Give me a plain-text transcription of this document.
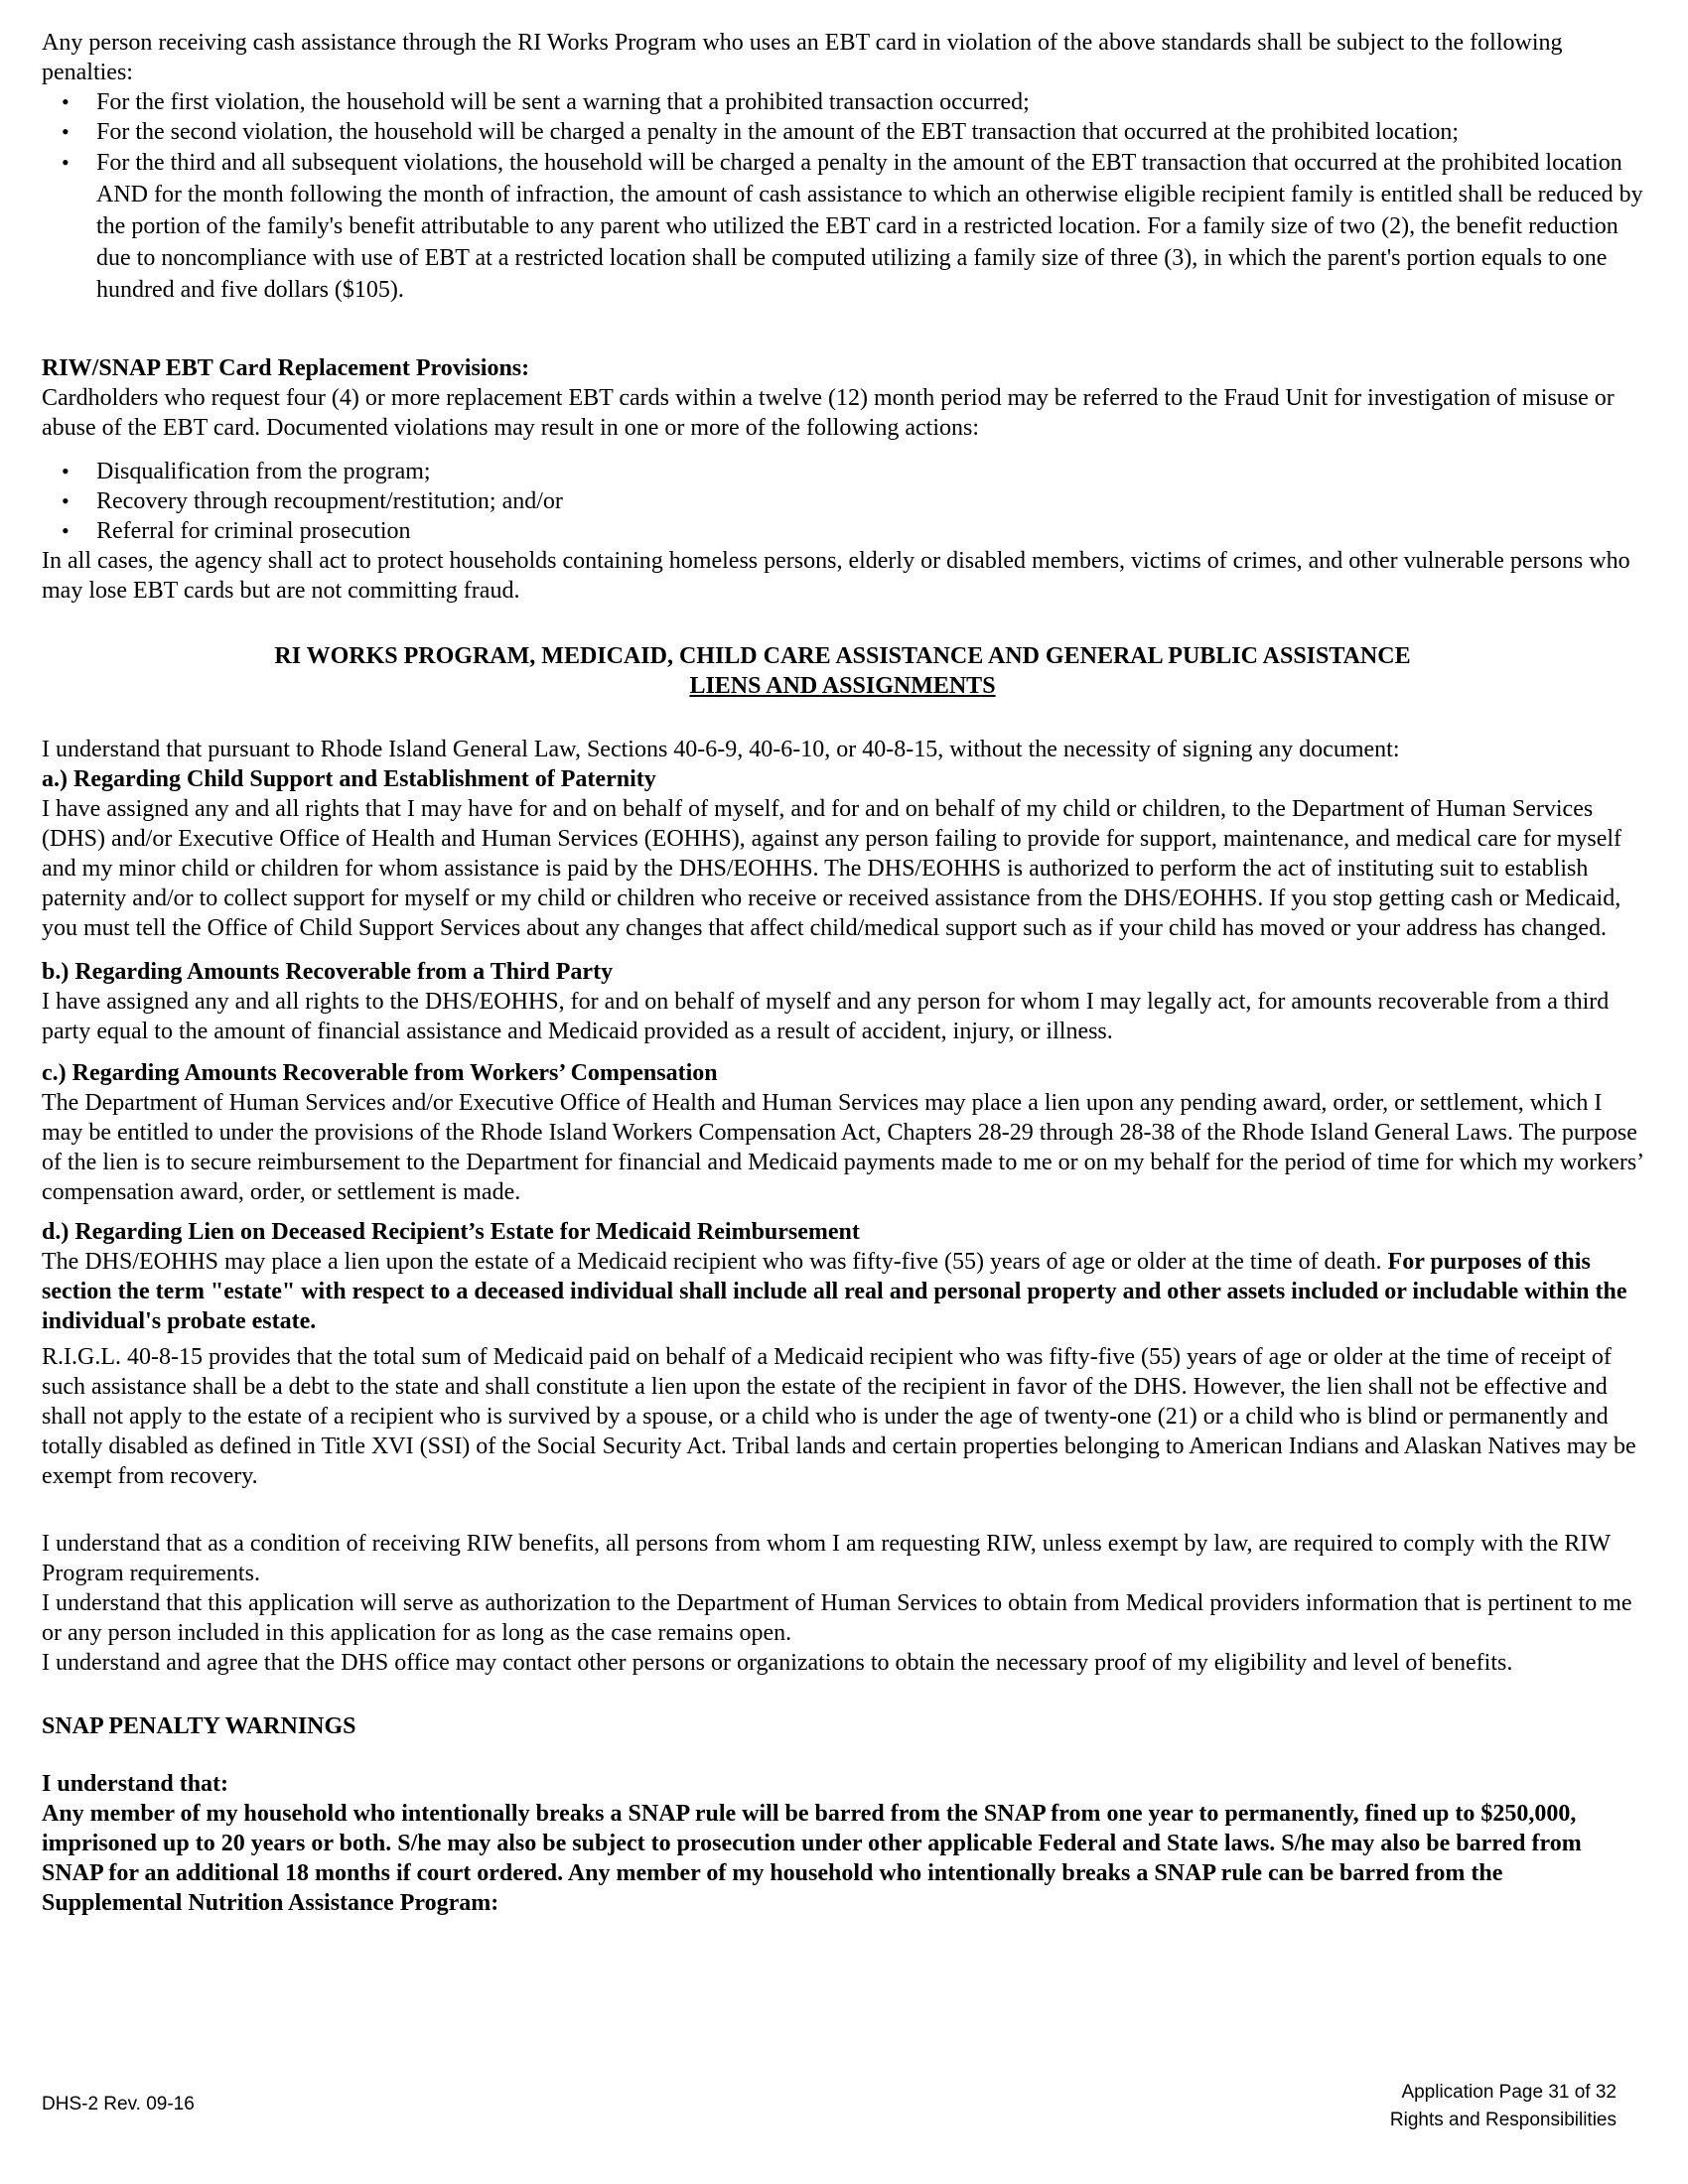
Any person receiving cash assistance through the RI Works Program who uses an EBT card in violation of the above standards shall be subject to the following penalties:

•	For the first violation, the household will be sent a warning that a prohibited transaction occurred;
•	For the second violation, the household will be charged a penalty in the amount of the EBT transaction that occurred at the prohibited location;
•	For the third and all subsequent violations, the household will be charged a penalty in the amount of the EBT transaction that occurred at the prohibited location AND for the month following the month of infraction, the amount of cash assistance to which an otherwise eligible recipient family is entitled shall be reduced by the portion of the family's benefit attributable to any parent who utilized the EBT card in a restricted location. For a family size of two (2), the benefit reduction due to noncompliance with use of EBT at a restricted location shall be computed utilizing a family size of three (3), in which the parent's portion equals to one hundred and five dollars ($105).

RIW/SNAP EBT Card Replacement Provisions:

Cardholders who request four (4) or more replacement EBT cards within a twelve (12) month period may be referred to the Fraud Unit for investigation of misuse or abuse of the EBT card. Documented violations may result in one or more of the following actions:

•	Disqualification from the program;
•	Recovery through recoupment/restitution; and/or
•	Referral for criminal prosecution

In all cases, the agency shall act to protect households containing homeless persons, elderly or disabled members, victims of crimes, and other vulnerable persons who may lose EBT cards but are not committing fraud.

RI WORKS PROGRAM, MEDICAID, CHILD CARE ASSISTANCE AND GENERAL PUBLIC ASSISTANCE
LIENS AND ASSIGNMENTS

I understand that pursuant to Rhode Island General Law, Sections 40-6-9, 40-6-10, or 40-8-15, without the necessity of signing any document:

a.) Regarding Child Support and Establishment of Paternity

I have assigned any and all rights that I may have for and on behalf of myself, and for and on behalf of my child or children, to the Department of Human Services (DHS) and/or Executive Office of Health and Human Services (EOHHS), against any person failing to provide for support, maintenance, and medical care for myself and my minor child or children for whom assistance is paid by the DHS/EOHHS. The DHS/EOHHS is authorized to perform the act of instituting suit to establish paternity and/or to collect support for myself or my child or children who receive or received assistance from the DHS/EOHHS. If you stop getting cash or Medicaid, you must tell the Office of Child Support Services about any changes that affect child/medical support such as if your child has moved or your address has changed.

b.) Regarding Amounts Recoverable from a Third Party

I have assigned any and all rights to the DHS/EOHHS, for and on behalf of myself and any person for whom I may legally act, for amounts recoverable from a third party equal to the amount of financial assistance and Medicaid provided as a result of accident, injury, or illness.

c.) Regarding Amounts Recoverable from Workers’ Compensation

The Department of Human Services and/or Executive Office of Health and Human Services may place a lien upon any pending award, order, or settlement, which I may be entitled to under the provisions of the Rhode Island Workers Compensation Act, Chapters 28-29 through 28-38 of the Rhode Island General Laws. The purpose of the lien is to secure reimbursement to the Department for financial and Medicaid payments made to me or on my behalf for the period of time for which my workers’ compensation award, order, or settlement is made.

d.) Regarding Lien on Deceased Recipient’s Estate for Medicaid Reimbursement

The DHS/EOHHS may place a lien upon the estate of a Medicaid recipient who was fifty-five (55) years of age or older at the time of death. For purposes of this section the term "estate" with respect to a deceased individual shall include all real and personal property and other assets included or includable within the individual's probate estate.

R.I.G.L. 40-8-15 provides that the total sum of Medicaid paid on behalf of a Medicaid recipient who was fifty-five (55) years of age or older at the time of receipt of such assistance shall be a debt to the state and shall constitute a lien upon the estate of the recipient in favor of the DHS. However, the lien shall not be effective and shall not apply to the estate of a recipient who is survived by a spouse, or a child who is under the age of twenty-one (21) or a child who is blind or permanently and totally disabled as defined in Title XVI (SSI) of the Social Security Act. Tribal lands and certain properties belonging to American Indians and Alaskan Natives may be exempt from recovery.

I understand that as a condition of receiving RIW benefits, all persons from whom I am requesting RIW, unless exempt by law, are required to comply with the RIW Program requirements.

I understand that this application will serve as authorization to the Department of Human Services to obtain from Medical providers information that is pertinent to me or any person included in this application for as long as the case remains open.

I understand and agree that the DHS office may contact other persons or organizations to obtain the necessary proof of my eligibility and level of benefits.

SNAP PENALTY WARNINGS

I understand that:

Any member of my household who intentionally breaks a SNAP rule will be barred from the SNAP from one year to permanently, fined up to $250,000, imprisoned up to 20 years or both. S/he may also be subject to prosecution under other applicable Federal and State laws. S/he may also be barred from SNAP for an additional 18 months if court ordered. Any member of my household who intentionally breaks a SNAP rule can be barred from the Supplemental Nutrition Assistance Program:

DHS-2 Rev. 09-16
Application Page 31 of 32
Rights and Responsibilities
